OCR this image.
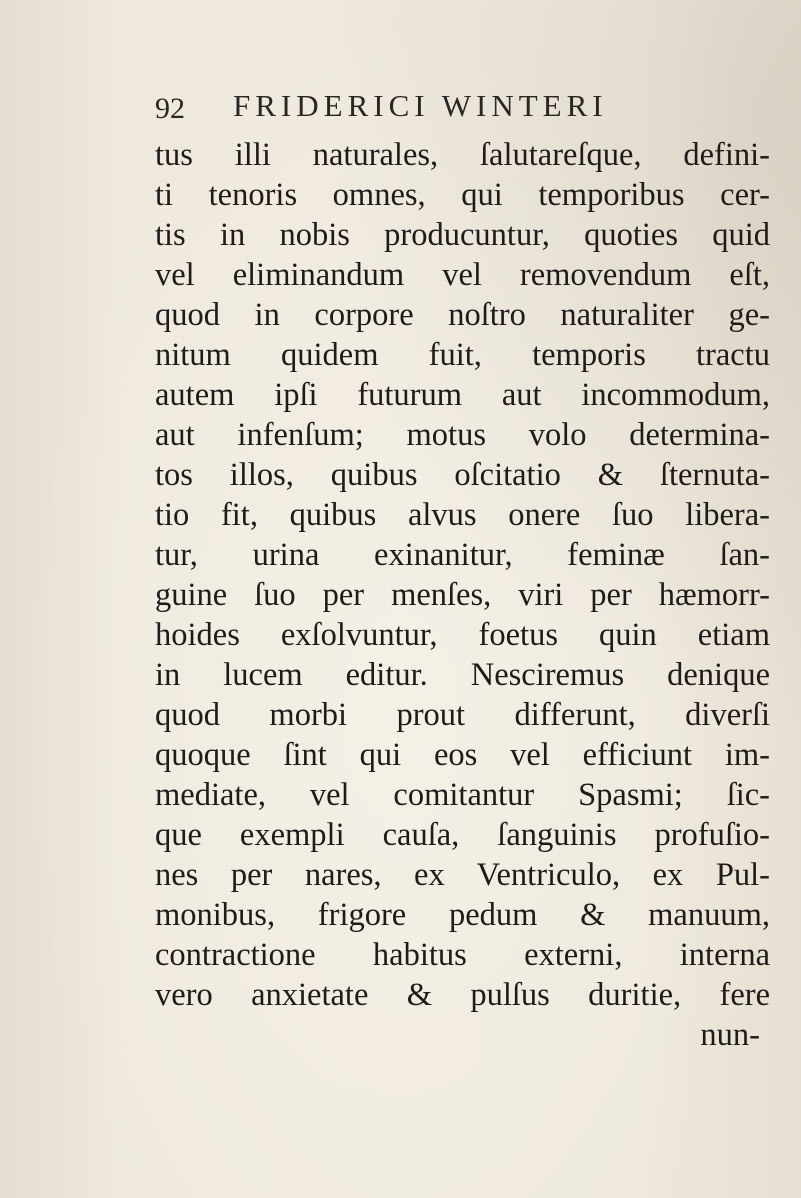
92 FRIDERICI WINTERI
tus illi naturales, ſalutareſque, defini-
ti tenoris omnes, qui temporibus cer-
tis in nobis producuntur, quoties quid
vel eliminandum vel removendum eſt,
quod in corpore noſtro naturaliter ge-
nitum quidem fuit, temporis tractu
autem ipſi futurum aut incommodum,
aut infenſum; motus volo determina-
tos illos, quibus oſcitatio & ſternuta-
tio fit, quibus alvus onere ſuo libera-
tur, urina exinanitur, feminæ ſan-
guine ſuo per menſes, viri per hæmorr-
hoides exſolvuntur, foetus quin etiam
in lucem editur. Nesciremus denique
quod morbi prout differunt, diverſi
quoque ſint qui eos vel efficiunt im-
mediate, vel comitantur Spasmi; ſic-
que exempli cauſa, ſanguinis profuſio-
nes per nares, ex Ventriculo, ex Pul-
monibus, frigore pedum & manuum,
contractione habitus externi, interna
vero anxietate & pulſus duritie, fere
nun-
